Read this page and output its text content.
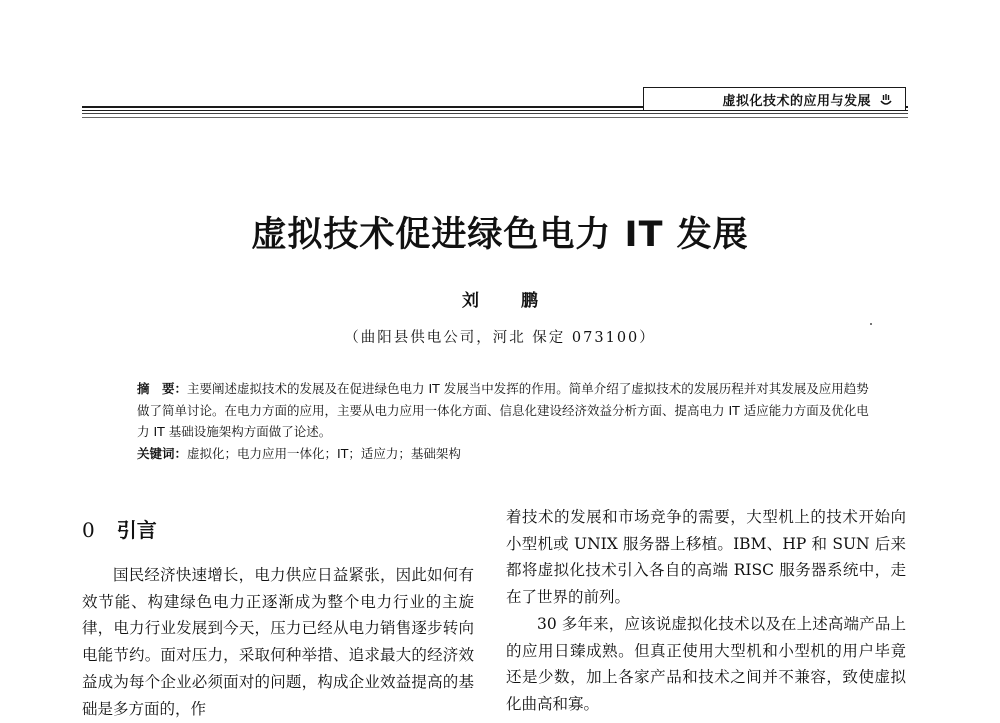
虚拟化技术的应用与发展
虚拟技术促进绿色电力 IT 发展
刘 鹏
（曲阳县供电公司，河北 保定 073100）

摘　要：主要阐述虚拟技术的发展及在促进绿色电力 IT 发展当中发挥的作用。简单介绍了虚拟技术的发展历程并对其发展及应用趋势做了简单讨论。在电力方面的应用，主要从电力应用一体化方面、信息化建设经济效益分析方面、提高电力 IT 适应能力方面及优化电力 IT 基础设施架构方面做了论述。

关键词：虚拟化；电力应用一体化；IT；适应力；基础架构

0 引言

国民经济快速增长，电力供应日益紧张，因此如何有效节能、构建绿色电力正逐渐成为整个电力行业的主旋律，电力行业发展到今天，压力已经从电力销售逐步转向电能节约。面对压力，采取何种举措、追求最大的经济效益成为每个企业必须面对的问题，构成企业效益提高的基础是多方面的，作

着技术的发展和市场竞争的需要，大型机上的技术开始向小型机或 UNIX 服务器上移植。IBM、HP 和 SUN 后来都将虚拟化技术引入各自的高端 RISC 服务器系统中，走在了世界的前列。

30 多年来，应该说虚拟化技术以及在上述高端产品上的应用日臻成熟。但真正使用大型机和小型机的用户毕竟还是少数，加上各家产品和技术之间并不兼容，致使虚拟化曲高和寡。
